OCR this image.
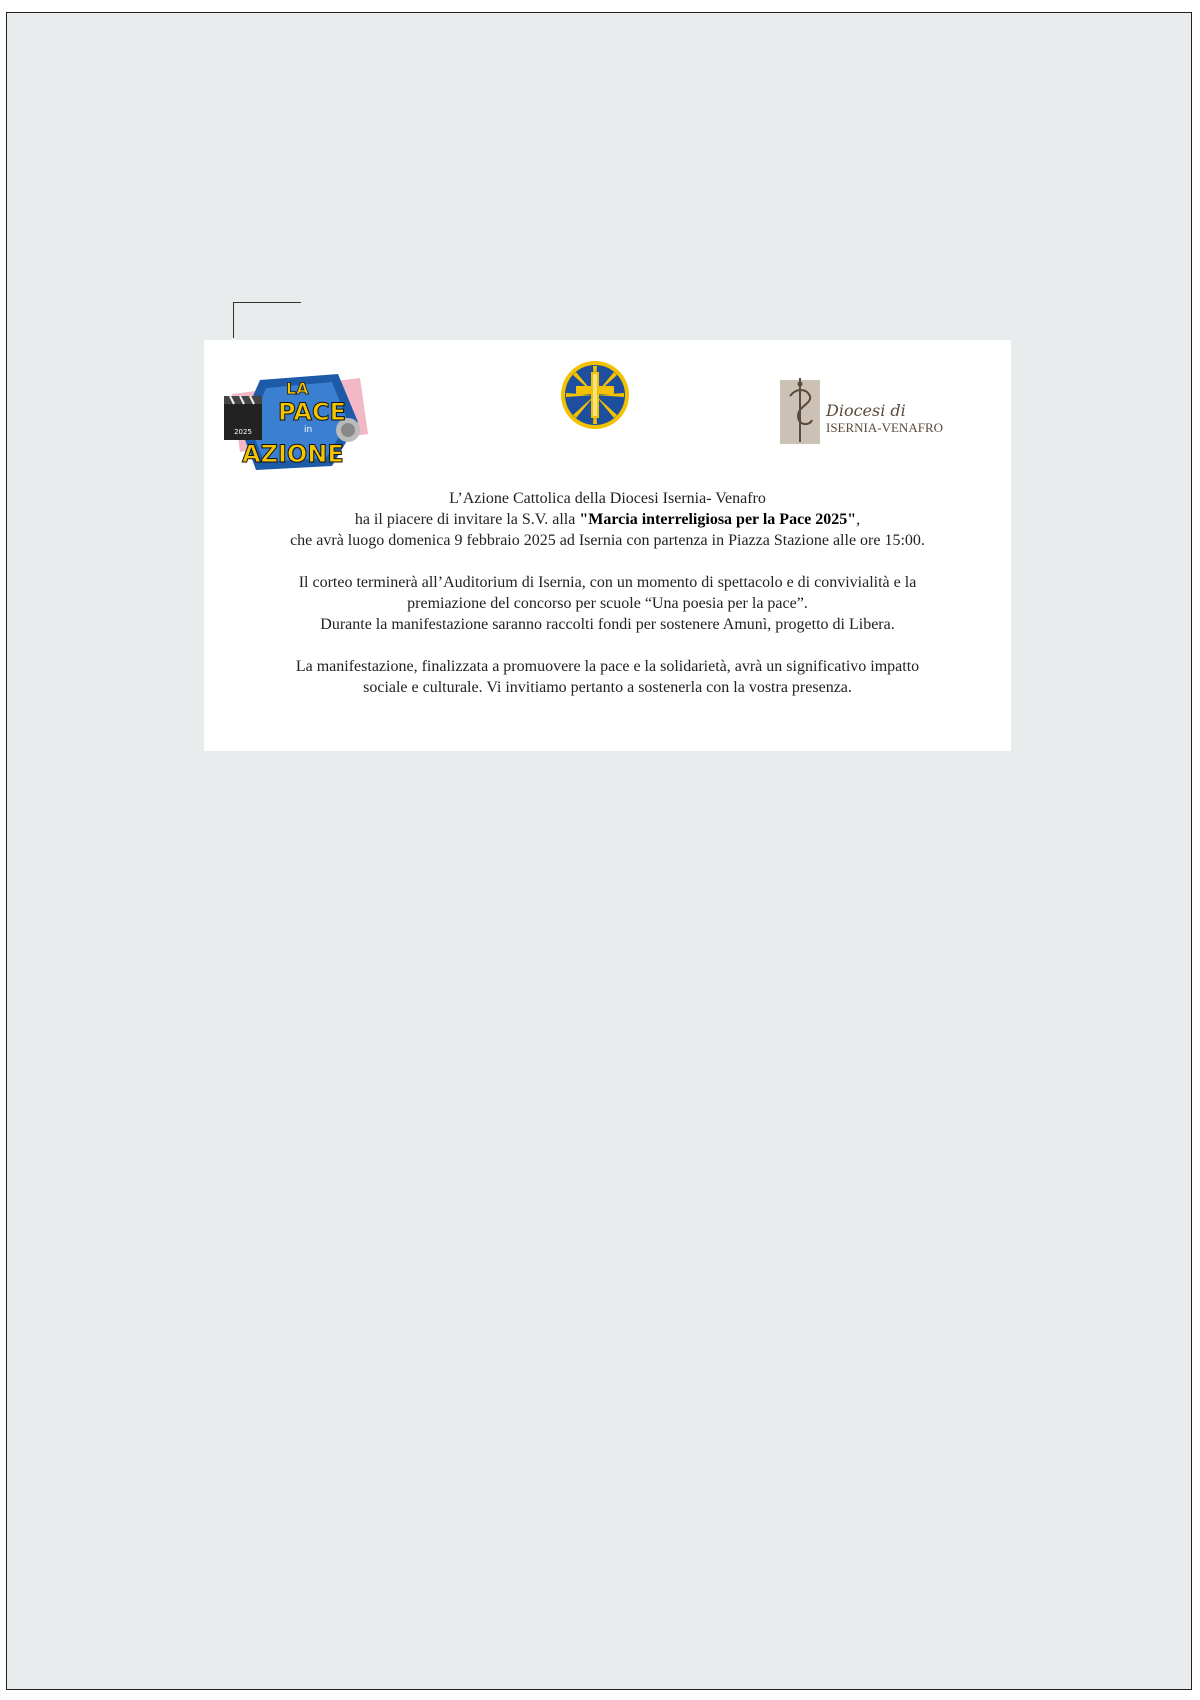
2025
LA
PACE
in
AZIONE
Diocesi di
ISERNIA-VENAFRO

L’Azione Cattolica della Diocesi Isernia- Venafro

ha il piacere di invitare la S.V. alla "Marcia interreligiosa per la Pace 2025",

che avrà luogo domenica 9 febbraio 2025 ad Isernia con partenza in Piazza Stazione alle ore 15:00.

Il corteo terminerà all’Auditorium di Isernia, con un momento di spettacolo e di convivialità e la

premiazione del concorso per scuole “Una poesia per la pace”.

Durante la manifestazione saranno raccolti fondi per sostenere Amunì, progetto di Libera.

La manifestazione, finalizzata a promuovere la pace e la solidarietà, avrà un significativo impatto

sociale e culturale. Vi invitiamo pertanto a sostenerla con la vostra presenza.
